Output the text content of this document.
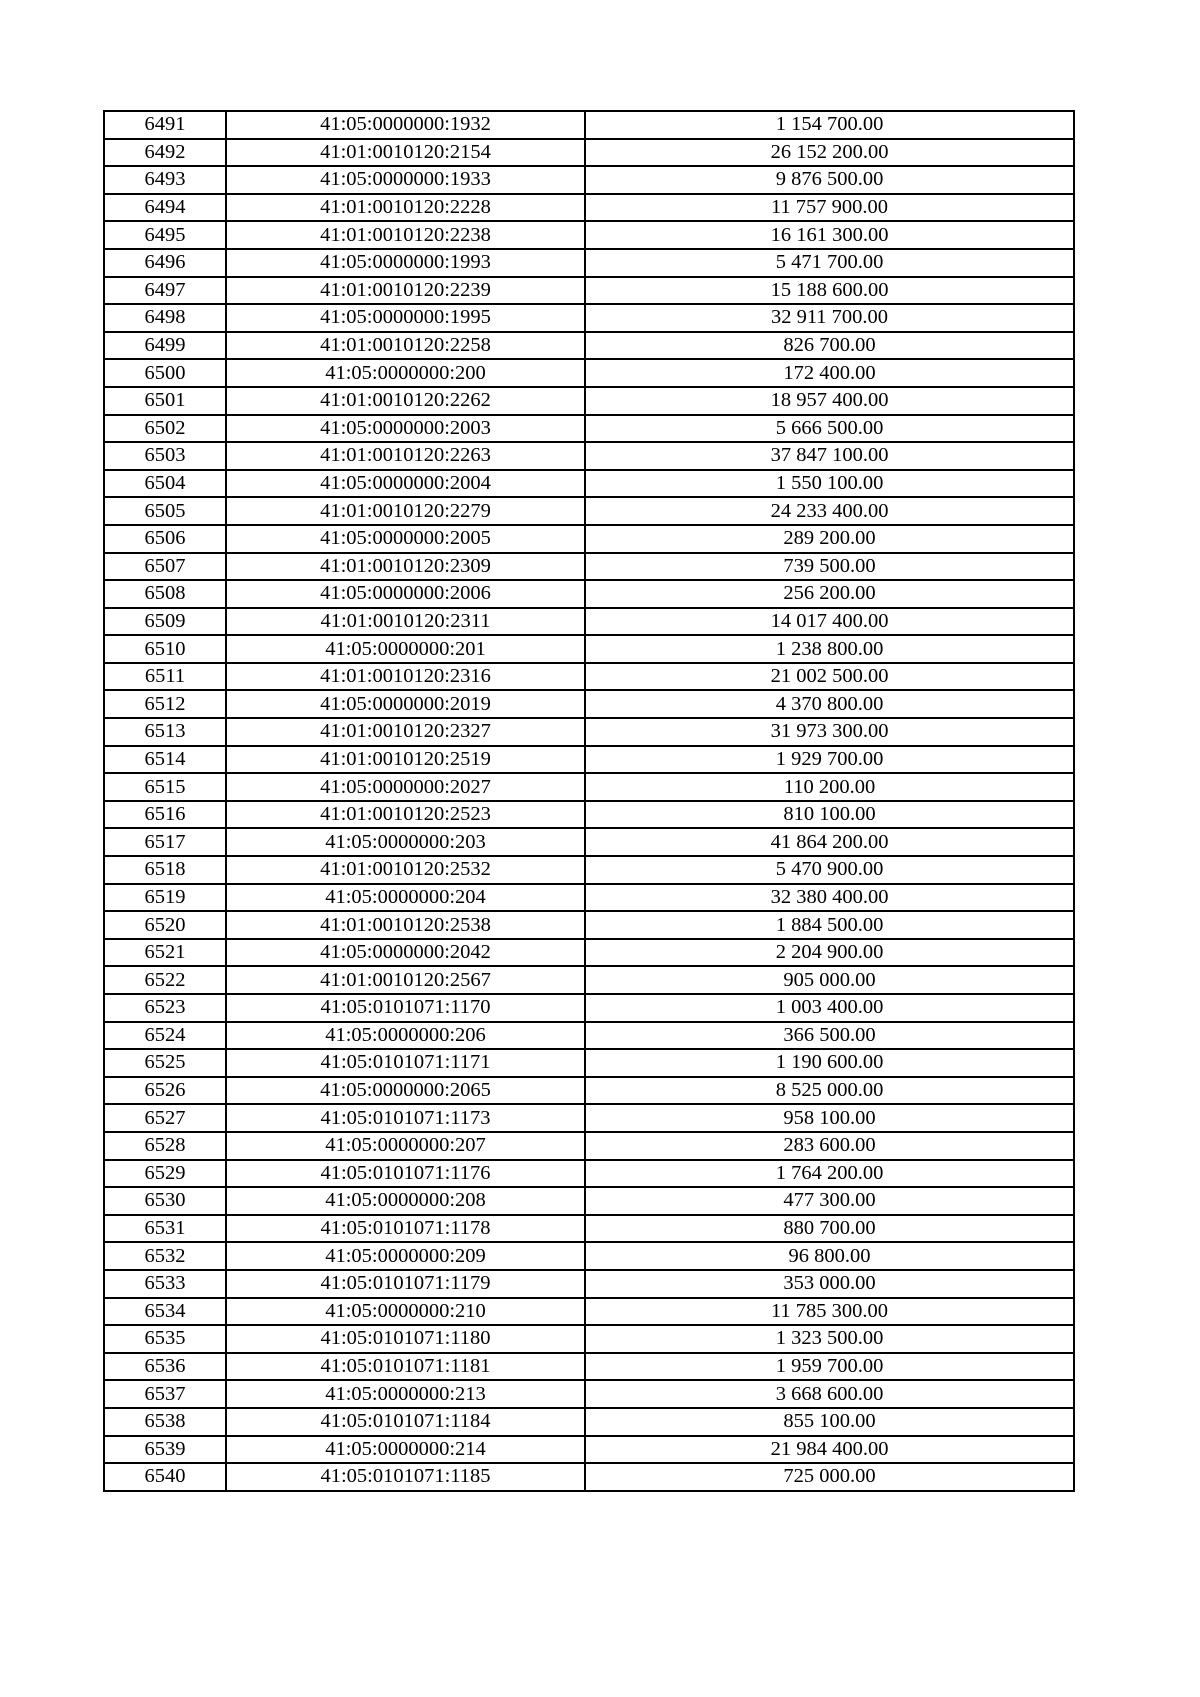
6491	41:05:0000000:1932	1 154 700.00
6492	41:01:0010120:2154	26 152 200.00
6493	41:05:0000000:1933	9 876 500.00
6494	41:01:0010120:2228	11 757 900.00
6495	41:01:0010120:2238	16 161 300.00
6496	41:05:0000000:1993	5 471 700.00
6497	41:01:0010120:2239	15 188 600.00
6498	41:05:0000000:1995	32 911 700.00
6499	41:01:0010120:2258	826 700.00
6500	41:05:0000000:200	172 400.00
6501	41:01:0010120:2262	18 957 400.00
6502	41:05:0000000:2003	5 666 500.00
6503	41:01:0010120:2263	37 847 100.00
6504	41:05:0000000:2004	1 550 100.00
6505	41:01:0010120:2279	24 233 400.00
6506	41:05:0000000:2005	289 200.00
6507	41:01:0010120:2309	739 500.00
6508	41:05:0000000:2006	256 200.00
6509	41:01:0010120:2311	14 017 400.00
6510	41:05:0000000:201	1 238 800.00
6511	41:01:0010120:2316	21 002 500.00
6512	41:05:0000000:2019	4 370 800.00
6513	41:01:0010120:2327	31 973 300.00
6514	41:01:0010120:2519	1 929 700.00
6515	41:05:0000000:2027	110 200.00
6516	41:01:0010120:2523	810 100.00
6517	41:05:0000000:203	41 864 200.00
6518	41:01:0010120:2532	5 470 900.00
6519	41:05:0000000:204	32 380 400.00
6520	41:01:0010120:2538	1 884 500.00
6521	41:05:0000000:2042	2 204 900.00
6522	41:01:0010120:2567	905 000.00
6523	41:05:0101071:1170	1 003 400.00
6524	41:05:0000000:206	366 500.00
6525	41:05:0101071:1171	1 190 600.00
6526	41:05:0000000:2065	8 525 000.00
6527	41:05:0101071:1173	958 100.00
6528	41:05:0000000:207	283 600.00
6529	41:05:0101071:1176	1 764 200.00
6530	41:05:0000000:208	477 300.00
6531	41:05:0101071:1178	880 700.00
6532	41:05:0000000:209	96 800.00
6533	41:05:0101071:1179	353 000.00
6534	41:05:0000000:210	11 785 300.00
6535	41:05:0101071:1180	1 323 500.00
6536	41:05:0101071:1181	1 959 700.00
6537	41:05:0000000:213	3 668 600.00
6538	41:05:0101071:1184	855 100.00
6539	41:05:0000000:214	21 984 400.00
6540	41:05:0101071:1185	725 000.00
